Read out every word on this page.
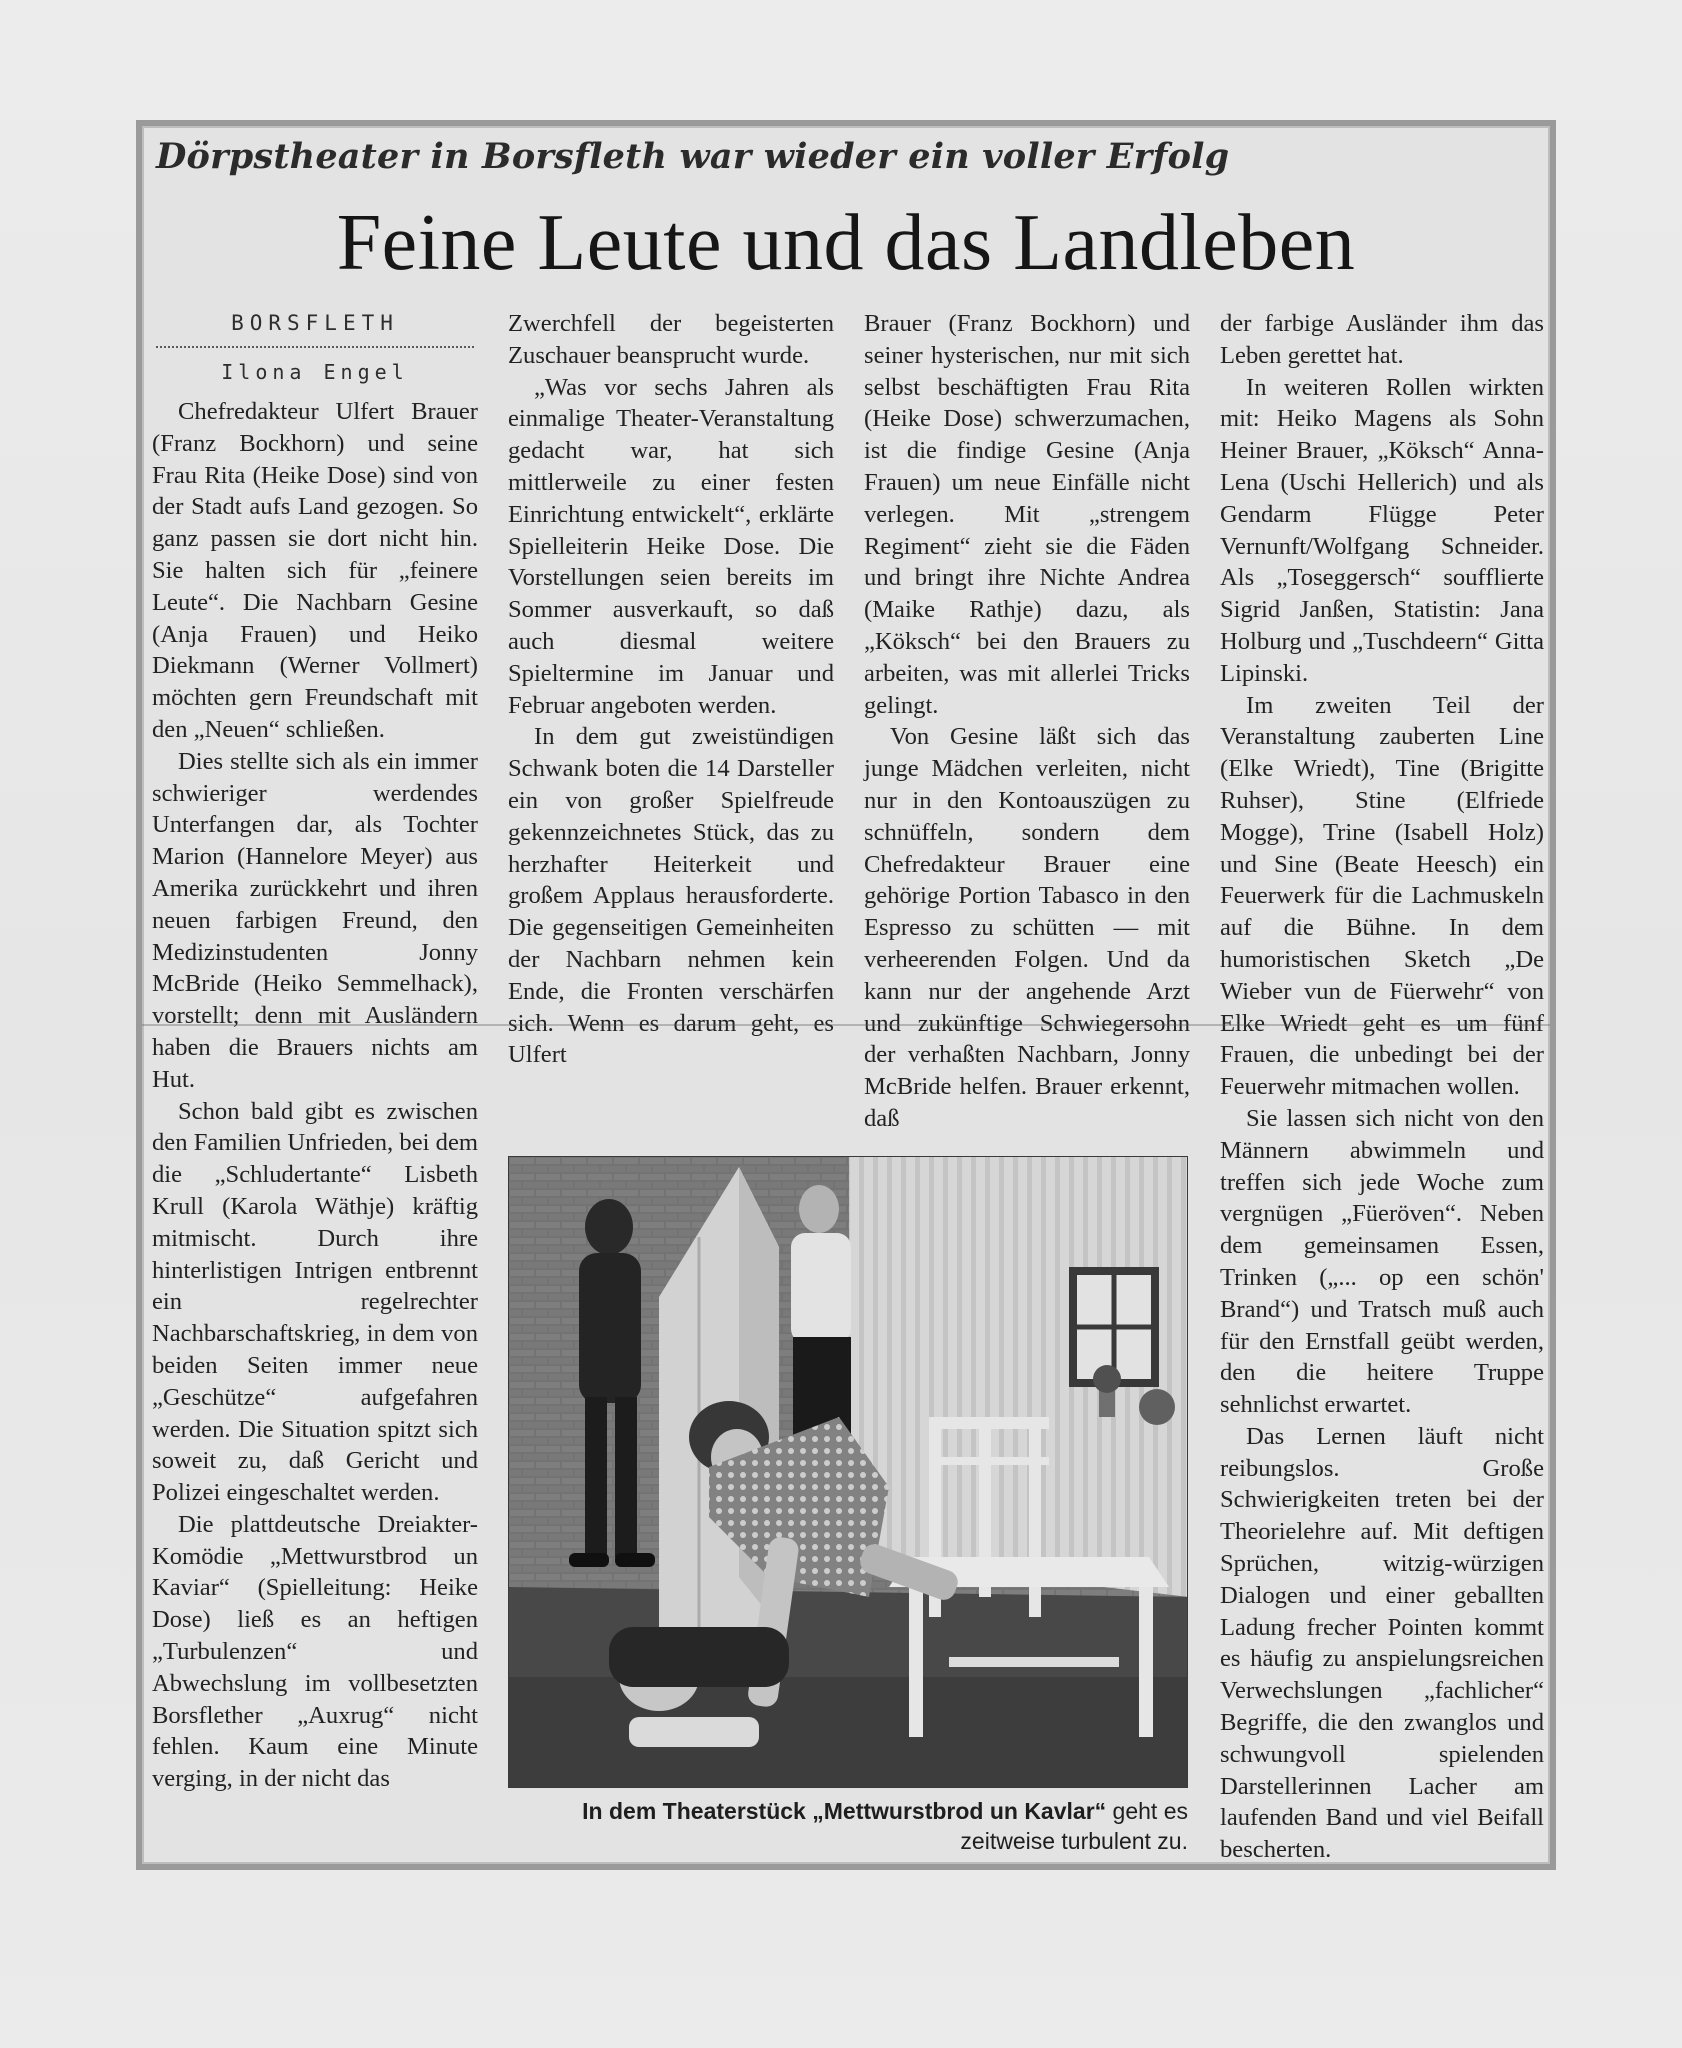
Dörpstheater in Borsfleth war wieder ein voller Erfolg
Feine Leute und das Landleben
BORSFLETH
Ilona Engel

Chefredakteur Ulfert Brauer (Franz Bockhorn) und seine Frau Rita (Heike Dose) sind von der Stadt aufs Land gezogen. So ganz passen sie dort nicht hin. Sie halten sich für „feinere Leute“. Die Nachbarn Gesine (Anja Frauen) und Heiko Diekmann (Werner Vollmert) möchten gern Freundschaft mit den „Neuen“ schließen.

Dies stellte sich als ein immer schwieriger werdendes Unterfangen dar, als Tochter Marion (Hannelore Meyer) aus Amerika zurückkehrt und ihren neuen farbigen Freund, den Medizinstudenten Jonny McBride (Heiko Semmelhack), vorstellt; denn mit Ausländern haben die Brauers nichts am Hut.

Schon bald gibt es zwischen den Familien Unfrieden, bei dem die „Schludertante“ Lisbeth Krull (Karola Wäthje) kräftig mitmischt. Durch ihre hinterlistigen Intrigen entbrennt ein regelrechter Nachbarschaftskrieg, in dem von beiden Seiten immer neue „Geschütze“ aufgefahren werden. Die Situation spitzt sich soweit zu, daß Gericht und Polizei eingeschaltet werden.

Die plattdeutsche Dreiakter-Komödie „Mettwurstbrod un Kaviar“ (Spielleitung: Heike Dose) ließ es an heftigen „Turbulenzen“ und Abwechslung im vollbesetzten Borsflether „Auxrug“ nicht fehlen. Kaum eine Minute verging, in der nicht das

Zwerchfell der begeisterten Zuschauer beansprucht wurde.

„Was vor sechs Jahren als einmalige Theater-Veranstaltung gedacht war, hat sich mittlerweile zu einer festen Einrichtung entwickelt“, erklärte Spielleiterin Heike Dose. Die Vorstellungen seien bereits im Sommer ausverkauft, so daß auch diesmal weitere Spieltermine im Januar und Februar angeboten werden.

In dem gut zweistündigen Schwank boten die 14 Darsteller ein von großer Spielfreude gekennzeichnetes Stück, das zu herzhafter Heiterkeit und großem Applaus herausforderte. Die gegenseitigen Gemeinheiten der Nachbarn nehmen kein Ende, die Fronten verschärfen sich. Wenn es darum geht, es Ulfert

Brauer (Franz Bockhorn) und seiner hysterischen, nur mit sich selbst beschäftigten Frau Rita (Heike Dose) schwerzumachen, ist die findige Gesine (Anja Frauen) um neue Einfälle nicht verlegen. Mit „strengem Regiment“ zieht sie die Fäden und bringt ihre Nichte Andrea (Maike Rathje) dazu, als „Köksch“ bei den Brauers zu arbeiten, was mit allerlei Tricks gelingt.

Von Gesine läßt sich das junge Mädchen verleiten, nicht nur in den Kontoauszügen zu schnüffeln, sondern dem Chefredakteur Brauer eine gehörige Portion Tabasco in den Espresso zu schütten — mit verheerenden Folgen. Und da kann nur der angehende Arzt und zukünftige Schwiegersohn der verhaßten Nachbarn, Jonny McBride helfen. Brauer erkennt, daß

der farbige Ausländer ihm das Leben gerettet hat.

In weiteren Rollen wirkten mit: Heiko Magens als Sohn Heiner Brauer, „Köksch“ Anna-Lena (Uschi Hellerich) und als Gendarm Flügge Peter Vernunft/Wolfgang Schneider. Als „Toseggersch“ soufflierte Sigrid Janßen, Statistin: Jana Holburg und „Tuschdeern“ Gitta Lipinski.

Im zweiten Teil der Veranstaltung zauberten Line (Elke Wriedt), Tine (Brigitte Ruhser), Stine (Elfriede Mogge), Trine (Isabell Holz) und Sine (Beate Heesch) ein Feuerwerk für die Lachmuskeln auf die Bühne. In dem humoristischen Sketch „De Wieber vun de Füerwehr“ von Elke Wriedt geht es um fünf Frauen, die unbedingt bei der Feuerwehr mitmachen wollen.

Sie lassen sich nicht von den Männern abwimmeln und treffen sich jede Woche zum vergnügen „Füeröven“. Neben dem gemeinsamen Essen, Trinken („... op een schön' Brand“) und Tratsch muß auch für den Ernstfall geübt werden, den die heitere Truppe sehnlichst erwartet.

Das Lernen läuft nicht reibungslos. Große Schwierigkeiten treten bei der Theorielehre auf. Mit deftigen Sprüchen, witzig-würzigen Dialogen und einer geballten Ladung frecher Pointen kommt es häufig zu anspielungsreichen Verwechslungen „fachlicher“ Begriffe, die den zwanglos und schwungvoll spielenden Darstellerinnen Lacher am laufenden Band und viel Beifall bescherten.

In dem Theaterstück „Mettwurstbrod un Kavlar“ geht es zeitweise turbulent zu.
